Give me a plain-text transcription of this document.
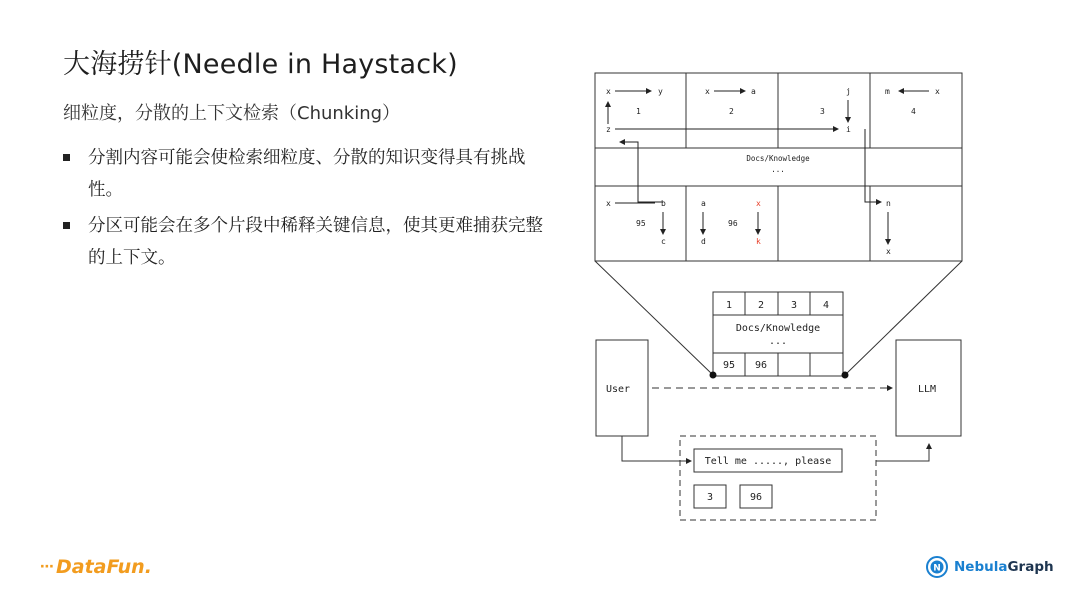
大海捞针(Needle in Haystack)
细粒度，分散的上下文检索（Chunking）
分割内容可能会使检索细粒度、分散的知识变得具有挑战性。
分区可能会在多个片段中稀释关键信息，使其更难捕获完整的上下文。
x	y
z
1
x	a
2
j
i
3
m	x
4
Docs/Knowledge
...
x	b
c
95
a
d
x
k
96
n
x
1	2	3	4
Docs/Knowledge
...
95 96
User	LLM
Tell me ....., please
3	96
⋯ DataFun.	N NebulaGraph
